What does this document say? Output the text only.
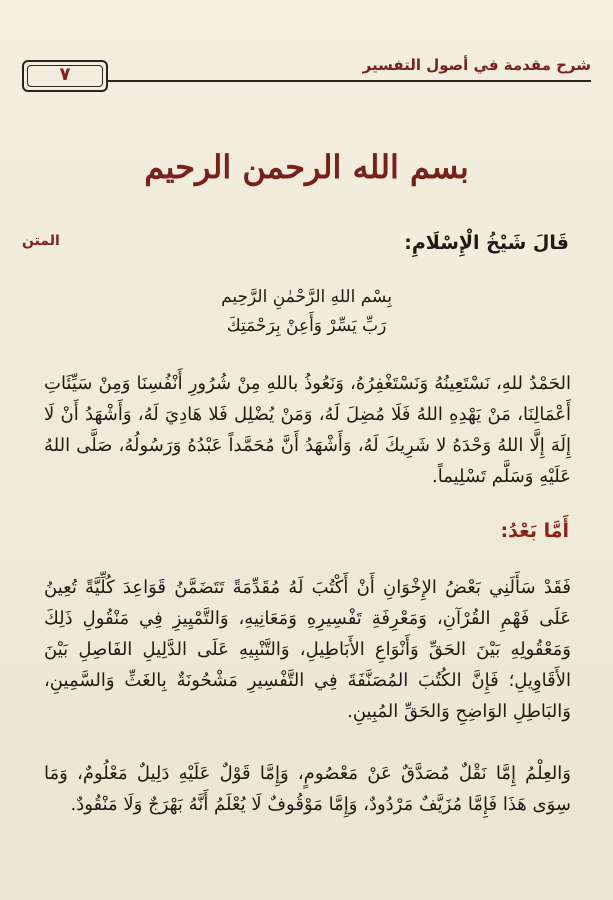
شرح مقدمة في أصول التفسير
٧
بسم الله الرحمن الرحيم
المتن	قَالَ شَيْخُ الْإِسْلَامِ:
بِسْم اللهِ الرَّحْمٰنِ الرَّحِيم
رَبِّ يَسِّرْ وَأَعِنْ بِرَحْمَتِكَ

الحَمْدُ للهِ، نَسْتَعِينُهُ وَنَسْتَغْفِرُهُ، وَنَعُوذُ باللهِ مِنْ شُرُورِ أَنْفُسِنَا وَمِنْ سَيِّئَاتِ أَعْمَالِنَا، مَنْ يَهْدِهِ اللهُ فَلَا مُضِلَ لَهُ، وَمَنْ يُضْلِل فَلا هَادِيَ لَهُ، وَأَشْهَدُ أَنْ لَا إِلَهَ إِلَّا اللهُ وَحْدَهُ لا شَرِيكَ لَهُ، وَأَشْهَدُ أَنَّ مُحَمَّداً عَبْدُهُ وَرَسُولُهُ، صَلَّى اللهُ عَلَيْهِ وَسَلَّم تَسْلِيماً.

أَمَّا بَعْدُ:

فَقَدْ سَأَلَنِي بَعْضُ الإِخْوَانِ أَنْ أَكْتُبَ لَهُ مُقَدِّمَةً تَتَضَمَّنُ قَوَاعِدَ كُلِّيَّةً تُعِينُ عَلَى فَهْمِ القُرْآنِ، وَمَعْرِفَةِ تَفْسِيرِهِ وَمَعَانِيهِ، وَالتَّمْيِيزِ فِي مَنْقُولِ ذَلِكَ وَمَعْقُولِهِ بَيْنَ الحَقِّ وَأَنْوَاعِ الأَبَاطِيلِ، وَالتَّنْبِيهِ عَلَى الدَّلِيلِ الفَاصِلِ بَيْنَ الأَقَاوِيلِ؛ فَإِنَّ الكُتُبَ المُصَنَّفَةَ فِي التَّفْسِيرِ مَشْحُونَةٌ بِالغَثِّ وَالسَّمِينِ، وَالبَاطِلِ الوَاضِحِ وَالحَقِّ المُبِينِ.

وَالعِلْمُ إِمَّا نَقْلٌ مُصَدَّقٌ عَنْ مَعْصُومٍ، وَإِمَّا قَوْلٌ عَلَيْهِ دَلِيلٌ مَعْلُومٌ، وَمَا سِوَى هَذَا فَإِمَّا مُزَيَّفٌ مَرْدُودٌ، وَإِمَّا مَوْقُوفٌ لَا يُعْلَمُ أَنَّهُ بَهْرَجٌ وَلَا مَنْقُودٌ.
